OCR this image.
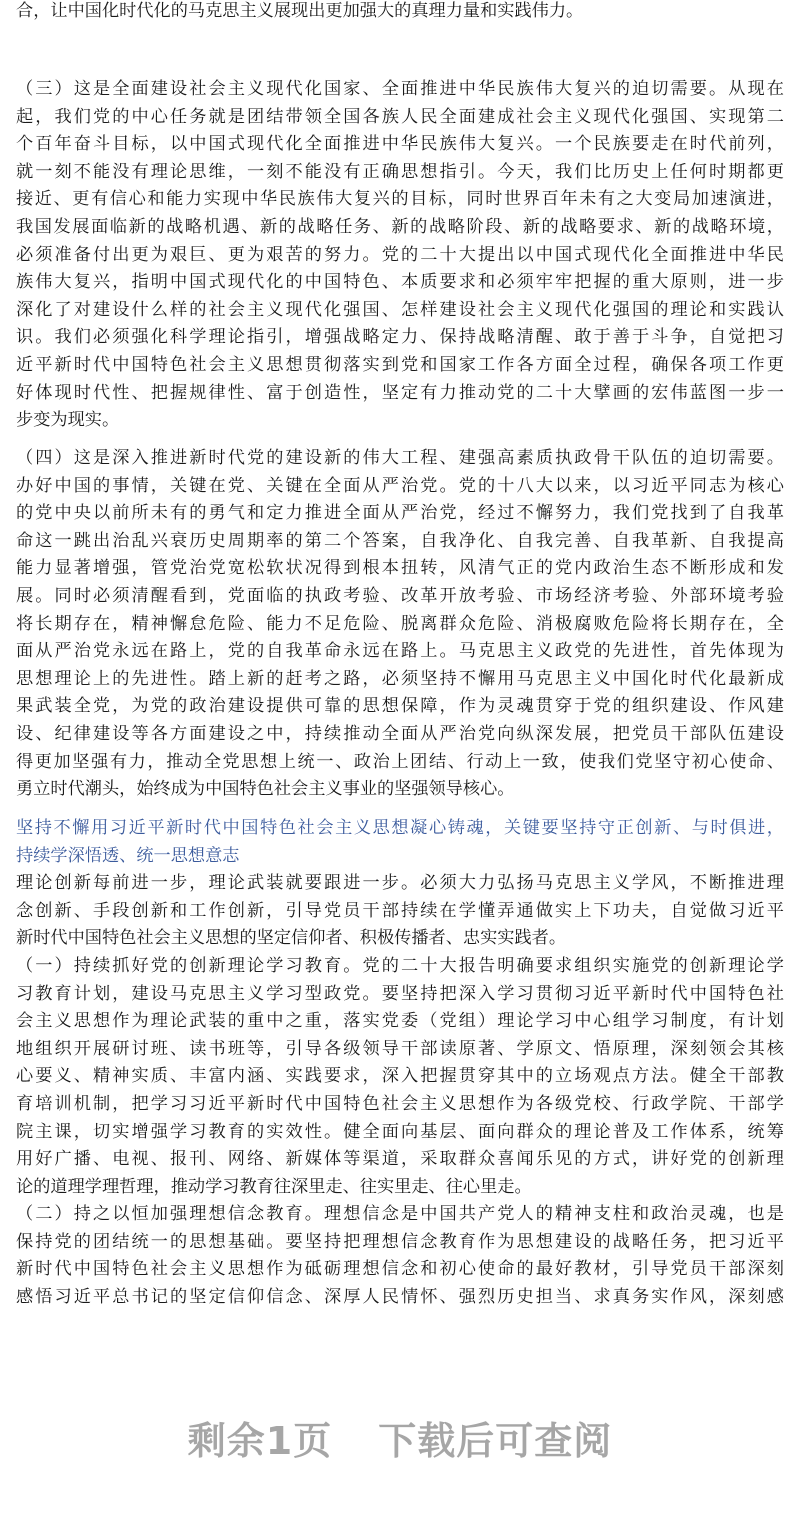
合，让中国化时代化的马克思主义展现出更加强大的真理力量和实践伟力。
（三）这是全面建设社会主义现代化国家、全面推进中华民族伟大复兴的迫切需要。从现在
起，我们党的中心任务就是团结带领全国各族人民全面建成社会主义现代化强国、实现第二
个百年奋斗目标，以中国式现代化全面推进中华民族伟大复兴。一个民族要走在时代前列，
就一刻不能没有理论思维，一刻不能没有正确思想指引。今天，我们比历史上任何时期都更
接近、更有信心和能力实现中华民族伟大复兴的目标，同时世界百年未有之大变局加速演进，
我国发展面临新的战略机遇、新的战略任务、新的战略阶段、新的战略要求、新的战略环境，
必须准备付出更为艰巨、更为艰苦的努力。党的二十大提出以中国式现代化全面推进中华民
族伟大复兴，指明中国式现代化的中国特色、本质要求和必须牢牢把握的重大原则，进一步
深化了对建设什么样的社会主义现代化强国、怎样建设社会主义现代化强国的理论和实践认
识。我们必须强化科学理论指引，增强战略定力、保持战略清醒、敢于善于斗争，自觉把习
近平新时代中国特色社会主义思想贯彻落实到党和国家工作各方面全过程，确保各项工作更
好体现时代性、把握规律性、富于创造性，坚定有力推动党的二十大擘画的宏伟蓝图一步一
步变为现实。
（四）这是深入推进新时代党的建设新的伟大工程、建强高素质执政骨干队伍的迫切需要。
办好中国的事情，关键在党、关键在全面从严治党。党的十八大以来，以习近平同志为核心
的党中央以前所未有的勇气和定力推进全面从严治党，经过不懈努力，我们党找到了自我革
命这一跳出治乱兴衰历史周期率的第二个答案，自我净化、自我完善、自我革新、自我提高
能力显著增强，管党治党宽松软状况得到根本扭转，风清气正的党内政治生态不断形成和发
展。同时必须清醒看到，党面临的执政考验、改革开放考验、市场经济考验、外部环境考验
将长期存在，精神懈怠危险、能力不足危险、脱离群众危险、消极腐败危险将长期存在，全
面从严治党永远在路上，党的自我革命永远在路上。马克思主义政党的先进性，首先体现为
思想理论上的先进性。踏上新的赶考之路，必须坚持不懈用马克思主义中国化时代化最新成
果武装全党，为党的政治建设提供可靠的思想保障，作为灵魂贯穿于党的组织建设、作风建
设、纪律建设等各方面建设之中，持续推动全面从严治党向纵深发展，把党员干部队伍建设
得更加坚强有力，推动全党思想上统一、政治上团结、行动上一致，使我们党坚守初心使命、
勇立时代潮头，始终成为中国特色社会主义事业的坚强领导核心。
坚持不懈用习近平新时代中国特色社会主义思想凝心铸魂，关键要坚持守正创新、与时俱进，
持续学深悟透、统一思想意志
理论创新每前进一步，理论武装就要跟进一步。必须大力弘扬马克思主义学风，不断推进理
念创新、手段创新和工作创新，引导党员干部持续在学懂弄通做实上下功夫，自觉做习近平
新时代中国特色社会主义思想的坚定信仰者、积极传播者、忠实实践者。
（一）持续抓好党的创新理论学习教育。党的二十大报告明确要求组织实施党的创新理论学
习教育计划，建设马克思主义学习型政党。要坚持把深入学习贯彻习近平新时代中国特色社
会主义思想作为理论武装的重中之重，落实党委（党组）理论学习中心组学习制度，有计划
地组织开展研讨班、读书班等，引导各级领导干部读原著、学原文、悟原理，深刻领会其核
心要义、精神实质、丰富内涵、实践要求，深入把握贯穿其中的立场观点方法。健全干部教
育培训机制，把学习习近平新时代中国特色社会主义思想作为各级党校、行政学院、干部学
院主课，切实增强学习教育的实效性。健全面向基层、面向群众的理论普及工作体系，统筹
用好广播、电视、报刊、网络、新媒体等渠道，采取群众喜闻乐见的方式，讲好党的创新理
论的道理学理哲理，推动学习教育往深里走、往实里走、往心里走。
（二）持之以恒加强理想信念教育。理想信念是中国共产党人的精神支柱和政治灵魂，也是
保持党的团结统一的思想基础。要坚持把理想信念教育作为思想建设的战略任务，把习近平
新时代中国特色社会主义思想作为砥砺理想信念和初心使命的最好教材，引导党员干部深刻
感悟习近平总书记的坚定信仰信念、深厚人民情怀、强烈历史担当、求真务实作风，深刻感
剩余1页 下载后可查阅
